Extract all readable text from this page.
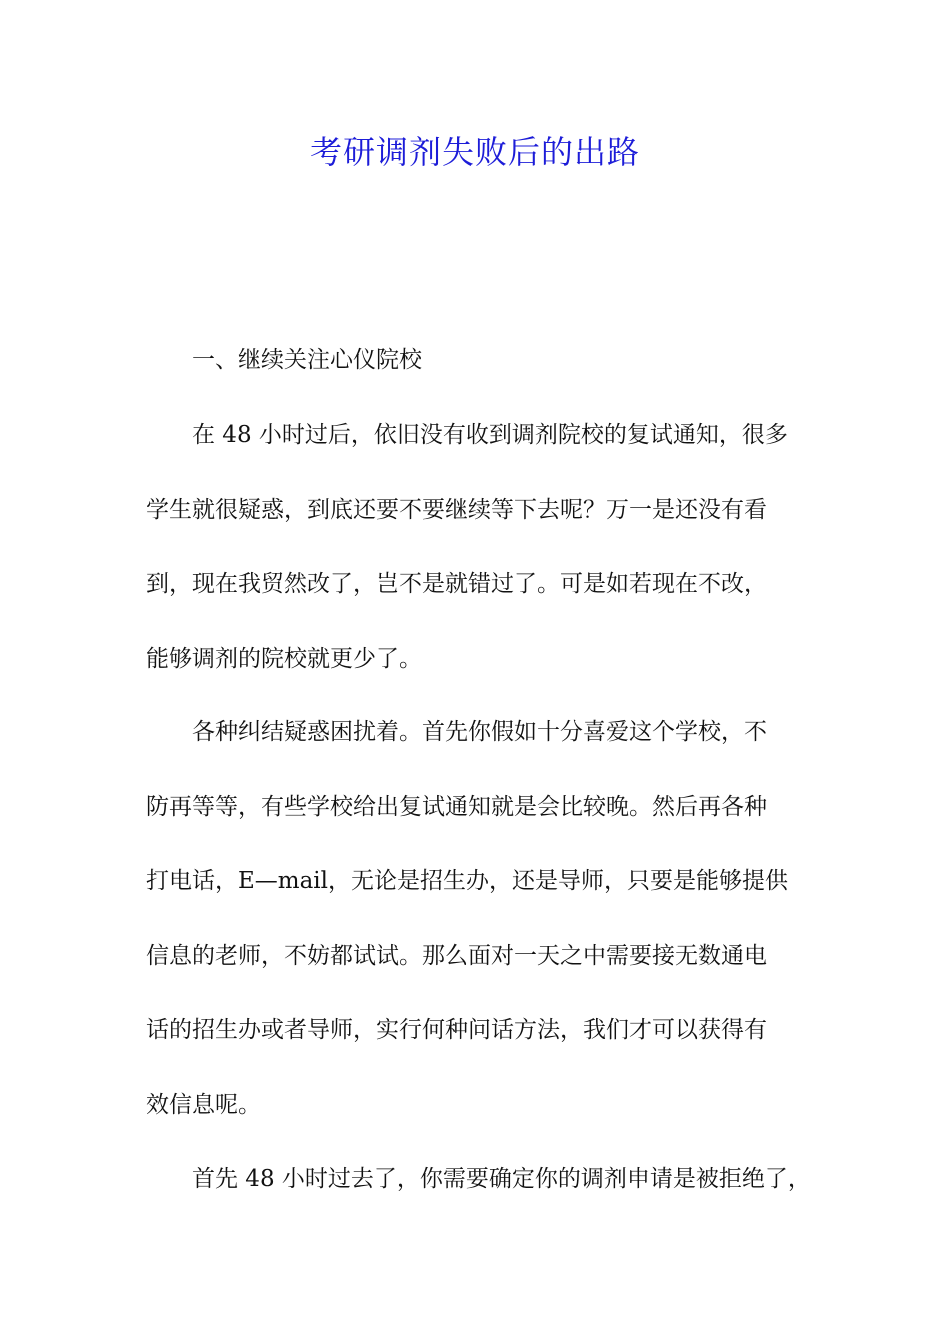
考研调剂失败后的出路

一、继续关注心仪院校

在 48 小时过后，依旧没有收到调剂院校的复试通知，很多
学生就很疑惑，到底还要不要继续等下去呢？万一是还没有看
到，现在我贸然改了，岂不是就错过了。可是如若现在不改，
能够调剂的院校就更少了。
各种纠结疑惑困扰着。首先你假如十分喜爱这个学校，不
防再等等，有些学校给出复试通知就是会比较晚。然后再各种
打电话，E—mail，无论是招生办，还是导师，只要是能够提供
信息的老师，不妨都试试。那么面对一天之中需要接无数通电
话的招生办或者导师，实行何种问话方法，我们才可以获得有
效信息呢。
首先 48 小时过去了，你需要确定你的调剂申请是被拒绝了，
